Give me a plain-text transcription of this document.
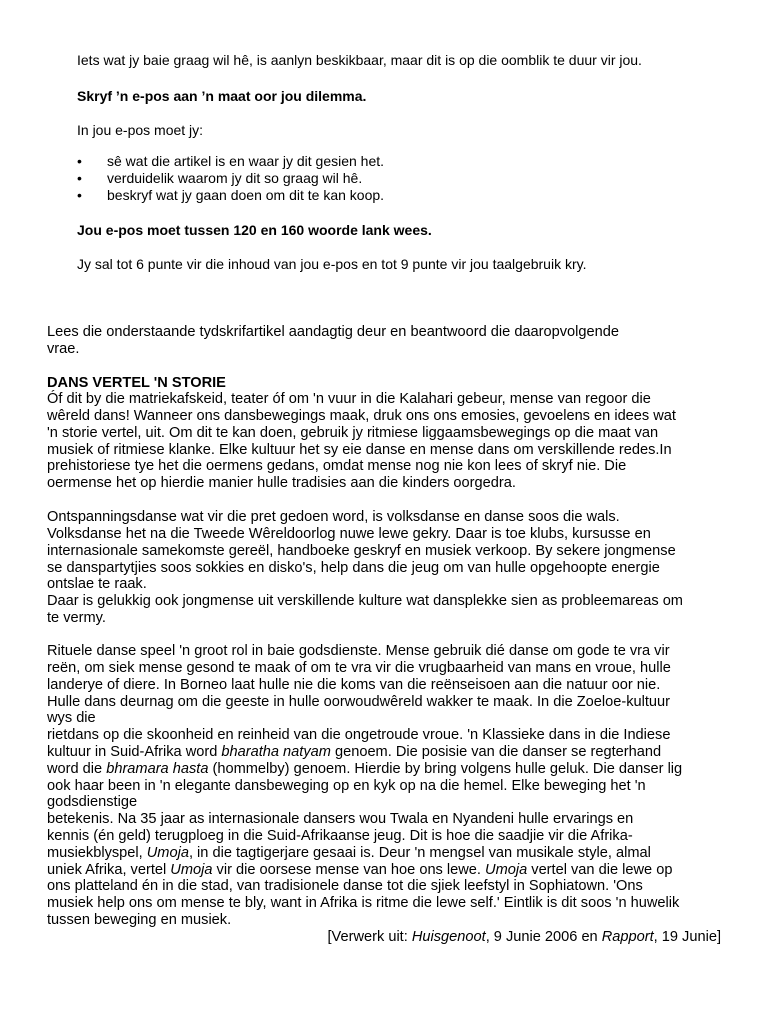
Iets wat jy baie graag wil hê, is aanlyn beskikbaar, maar dit is op die oomblik te duur vir jou.

Skryf ’n e-pos aan ’n maat oor jou dilemma.

In jou e-pos moet jy:

•	sê wat die artikel is en waar jy dit gesien het.
•	verduidelik waarom jy dit so graag wil hê.
•	beskryf wat jy gaan doen om dit te kan koop.

Jou e-pos moet tussen 120 en 160 woorde lank wees.

Jy sal tot 6 punte vir die inhoud van jou e-pos en tot 9 punte vir jou taalgebruik kry.

Lees die onderstaande tydskrifartikel aandagtig deur en beantwoord die daaropvolgende
vrae.
DANS VERTEL 'N STORIE
Óf dit by die matriekafskeid, teater óf om 'n vuur in die Kalahari gebeur, mense van regoor die
wêreld dans! Wanneer ons dansbewegings maak, druk ons ons emosies, gevoelens en idees wat
'n storie vertel, uit. Om dit te kan doen, gebruik jy ritmiese liggaamsbewegings op die maat van
musiek of ritmiese klanke. Elke kultuur het sy eie danse en mense dans om verskillende redes.In
prehistoriese tye het die oermens gedans, omdat mense nog nie kon lees of skryf nie. Die
oermense het op hierdie manier hulle tradisies aan die kinders oorgedra.
Ontspanningsdanse wat vir die pret gedoen word, is volksdanse en danse soos die wals.
Volksdanse het na die Tweede Wêreldoorlog nuwe lewe gekry. Daar is toe klubs, kursusse en
internasionale samekomste gereël, handboeke geskryf en musiek verkoop. By sekere jongmense
se danspartytjies soos sokkies en disko's, help dans die jeug om van hulle opgehoopte energie
ontslae te raak.
Daar is gelukkig ook jongmense uit verskillende kulture wat dansplekke sien as probleemareas om
te vermy.
Rituele danse speel 'n groot rol in baie godsdienste. Mense gebruik dié danse om gode te vra vir
reën, om siek mense gesond te maak of om te vra vir die vrugbaarheid van mans en vroue, hulle
landerye of diere. In Borneo laat hulle nie die koms van die reënseisoen aan die natuur oor nie.
Hulle dans deurnag om die geeste in hulle oorwoudwêreld wakker te maak. In die Zoeloe-kultuur
wys die
rietdans op die skoonheid en reinheid van die ongetroude vroue. 'n Klassieke dans in die Indiese
kultuur in Suid-Afrika word bharatha natyam genoem. Die posisie van die danser se regterhand
word die bhramara hasta (hommelby) genoem. Hierdie by bring volgens hulle geluk. Die danser lig
ook haar been in 'n elegante dansbeweging op en kyk op na die hemel. Elke beweging het 'n
godsdienstige
betekenis. Na 35 jaar as internasionale dansers wou Twala en Nyandeni hulle ervarings en
kennis (én geld) terugploeg in die Suid-Afrikaanse jeug. Dit is hoe die saadjie vir die Afrika-
musiekblyspel, Umoja, in die tagtigerjare gesaai is. Deur 'n mengsel van musikale style, almal
uniek Afrika, vertel Umoja vir die oorsese mense van hoe ons lewe. Umoja vertel van die lewe op
ons platteland én in die stad, van tradisionele danse tot die sjiek leefstyl in Sophiatown. 'Ons
musiek help ons om mense te bly, want in Afrika is ritme die lewe self.' Eintlik is dit soos 'n huwelik
tussen beweging en musiek.
[Verwerk uit: Huisgenoot, 9 Junie 2006 en Rapport, 19 Junie]
